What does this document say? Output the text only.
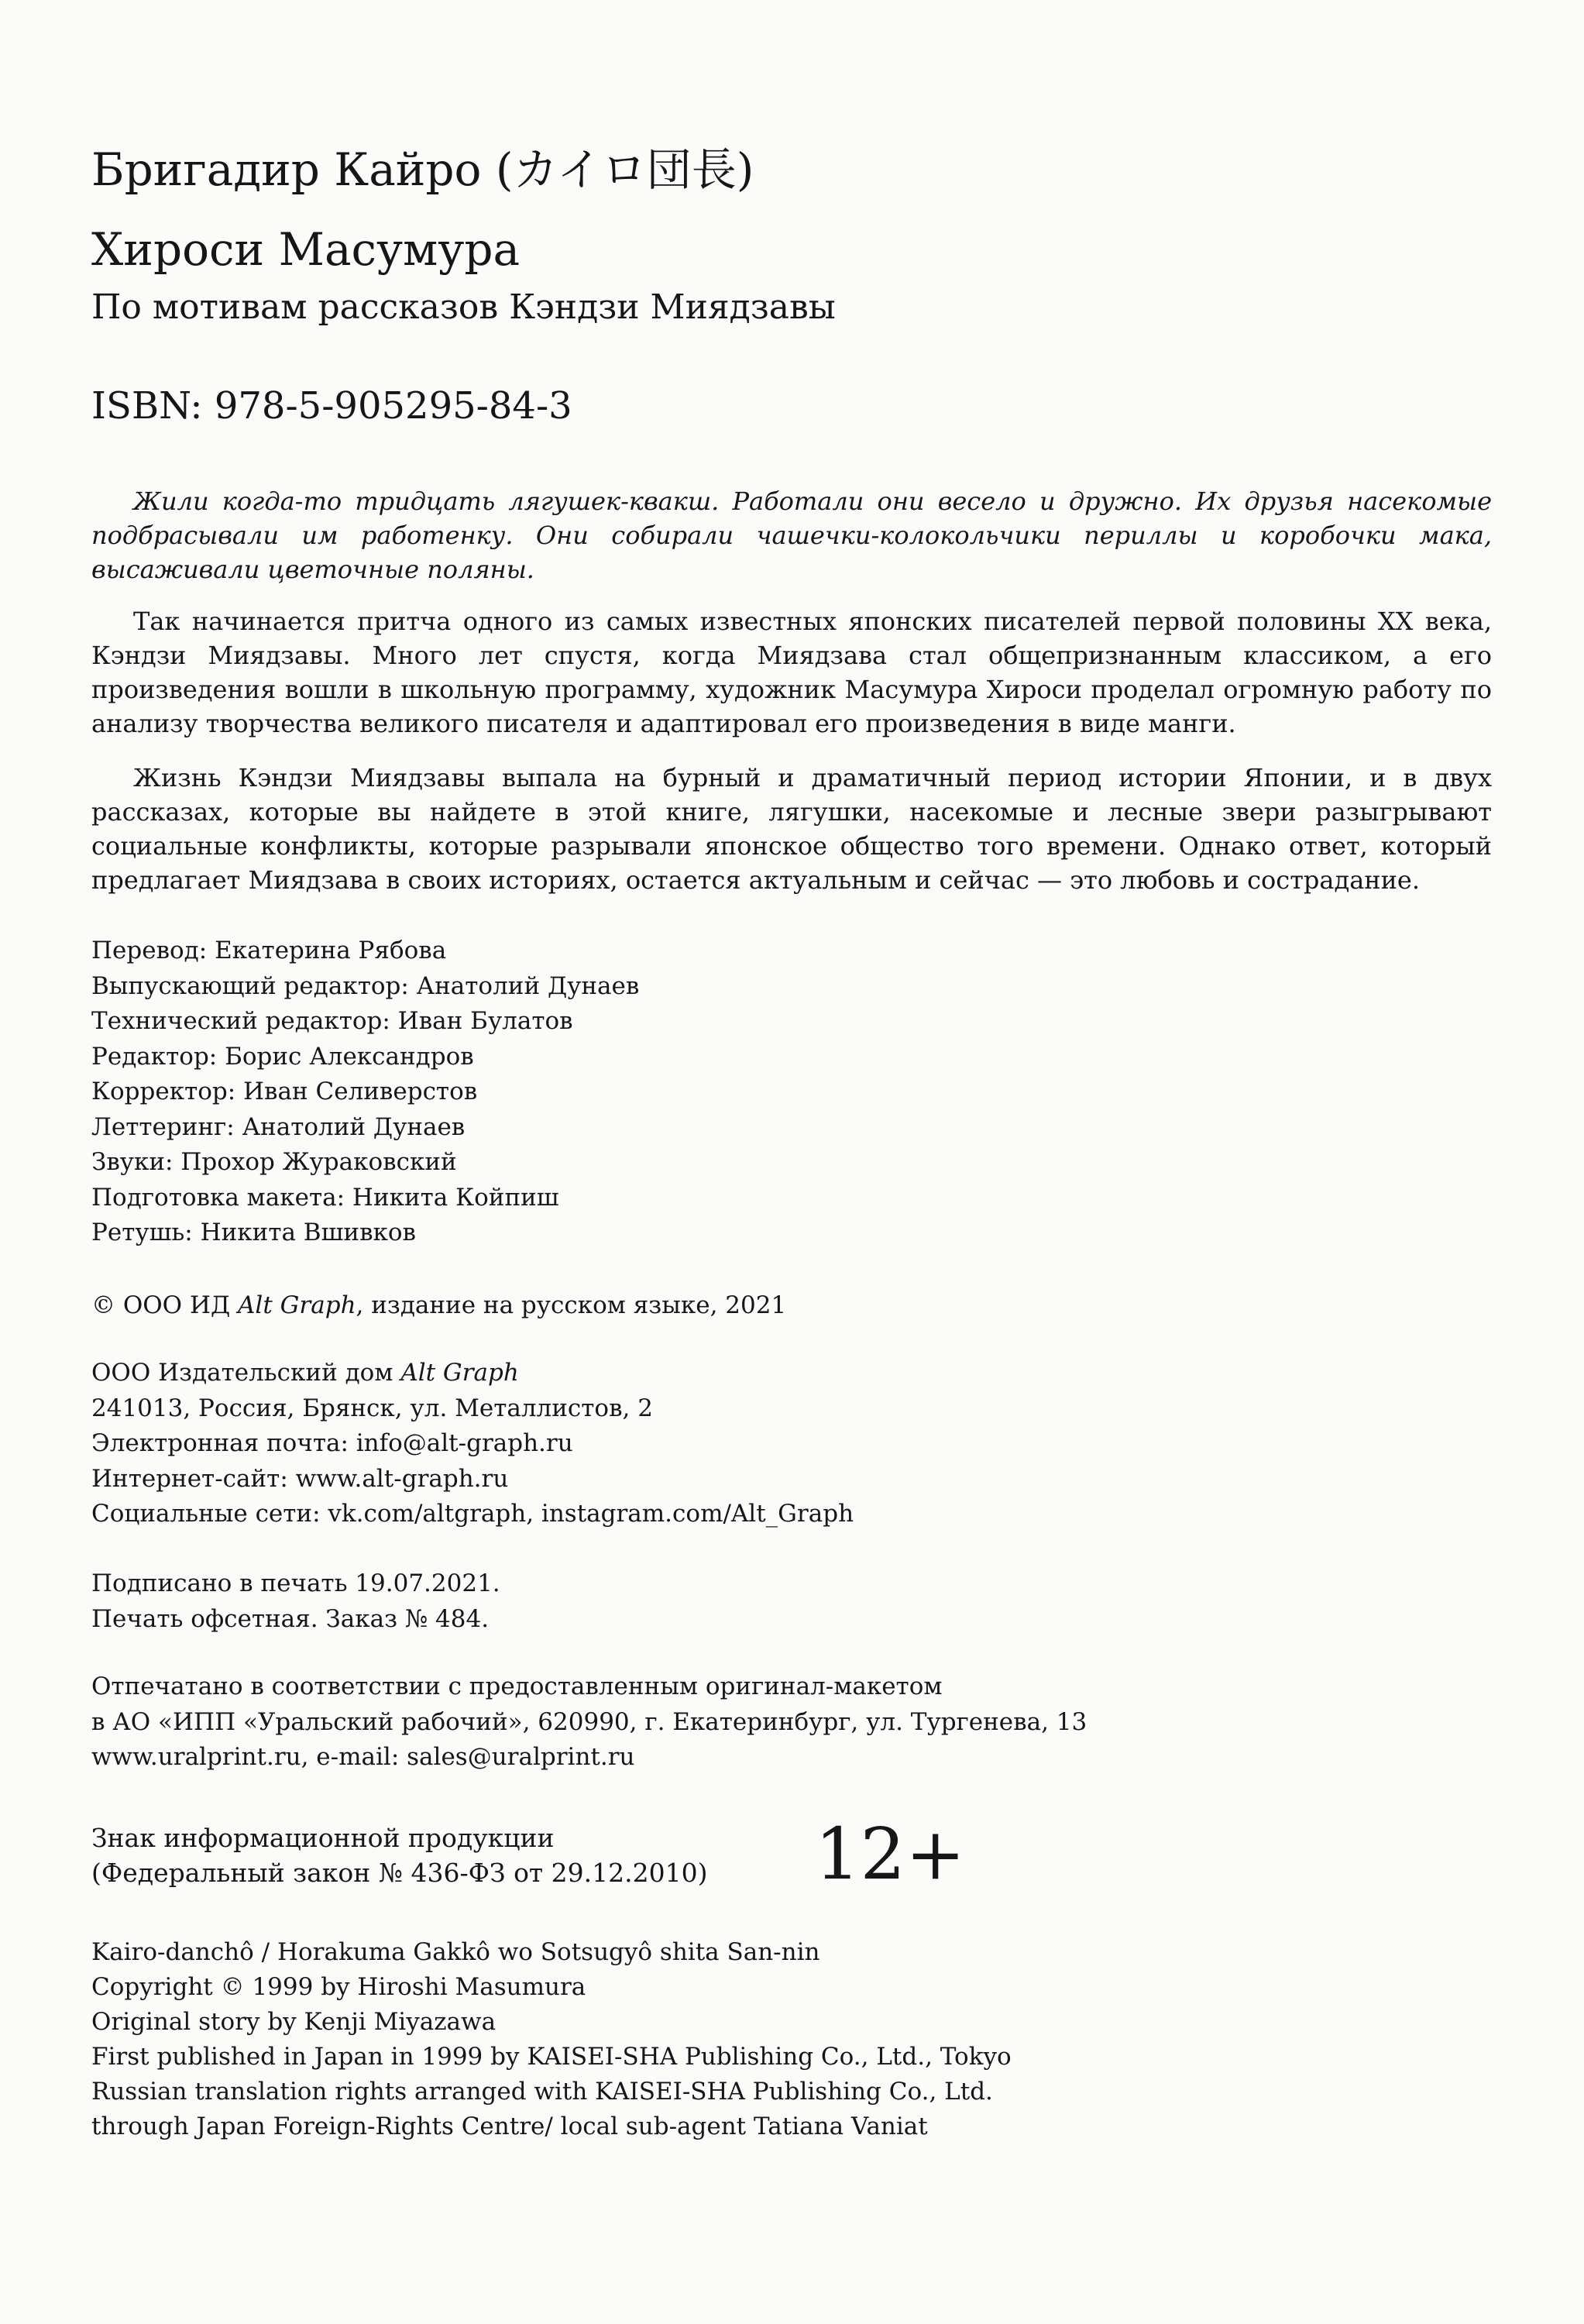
Бригадир Кайро (カイロ団長)
Хироси Масумура
По мотивам рассказов Кэндзи Миядзавы
ISBN: 978-5-905295-84-3
Жили когда-то тридцать лягушек-квакш. Работали они весело и дружно. Их друзья насекомые подбрасывали им работенку. Они собирали чашечки-колокольчики периллы и коробочки мака, высаживали цветочные поляны.
Так начинается притча одного из самых известных японских писателей первой половины XX века, Кэндзи Миядзавы. Много лет спустя, когда Миядзава стал общепризнанным классиком, а его произведения вошли в школьную программу, художник Масумура Хироси проделал огромную работу по анализу творчества великого писателя и адаптировал его произведения в виде манги.
Жизнь Кэндзи Миядзавы выпала на бурный и драматичный период истории Японии, и в двух рассказах, которые вы найдете в этой книге, лягушки, насекомые и лесные звери разыгрывают социальные конфликты, которые разрывали японское общество того времени. Однако ответ, который предлагает Миядзава в своих историях, остается актуальным и сейчас — это любовь и сострадание.
Перевод: Екатерина Рябова
Выпускающий редактор: Анатолий Дунаев
Технический редактор: Иван Булатов
Редактор: Борис Александров
Корректор: Иван Селиверстов
Леттеринг: Анатолий Дунаев
Звуки: Прохор Жураковский
Подготовка макета: Никита Койпиш
Ретушь: Никита Вшивков
© ООО ИД Alt Graph, издание на русском языке, 2021
ООО Издательский дом Alt Graph
241013, Россия, Брянск, ул. Металлистов, 2
Электронная почта: info@alt-graph.ru
Интернет-сайт: www.alt-graph.ru
Социальные сети: vk.com/altgraph, instagram.com/Alt_Graph
Подписано в печать 19.07.2021.
Печать офсетная. Заказ № 484.
Отпечатано в соответствии с предоставленным оригинал-макетом
в АО «ИПП «Уральский рабочий», 620990, г. Екатеринбург, ул. Тургенева, 13
www.uralprint.ru, e-mail: sales@uralprint.ru
Знак информационной продукции
(Федеральный закон № 436-ФЗ от 29.12.2010) 12+
Kairo-danchô / Horakuma Gakkô wo Sotsugyô shita San-nin
Copyright © 1999 by Hiroshi Masumura
Original story by Kenji Miyazawa
First published in Japan in 1999 by KAISEI-SHA Publishing Co., Ltd., Tokyo
Russian translation rights arranged with KAISEI-SHA Publishing Co., Ltd.
through Japan Foreign-Rights Centre/ local sub-agent Tatiana Vaniat
